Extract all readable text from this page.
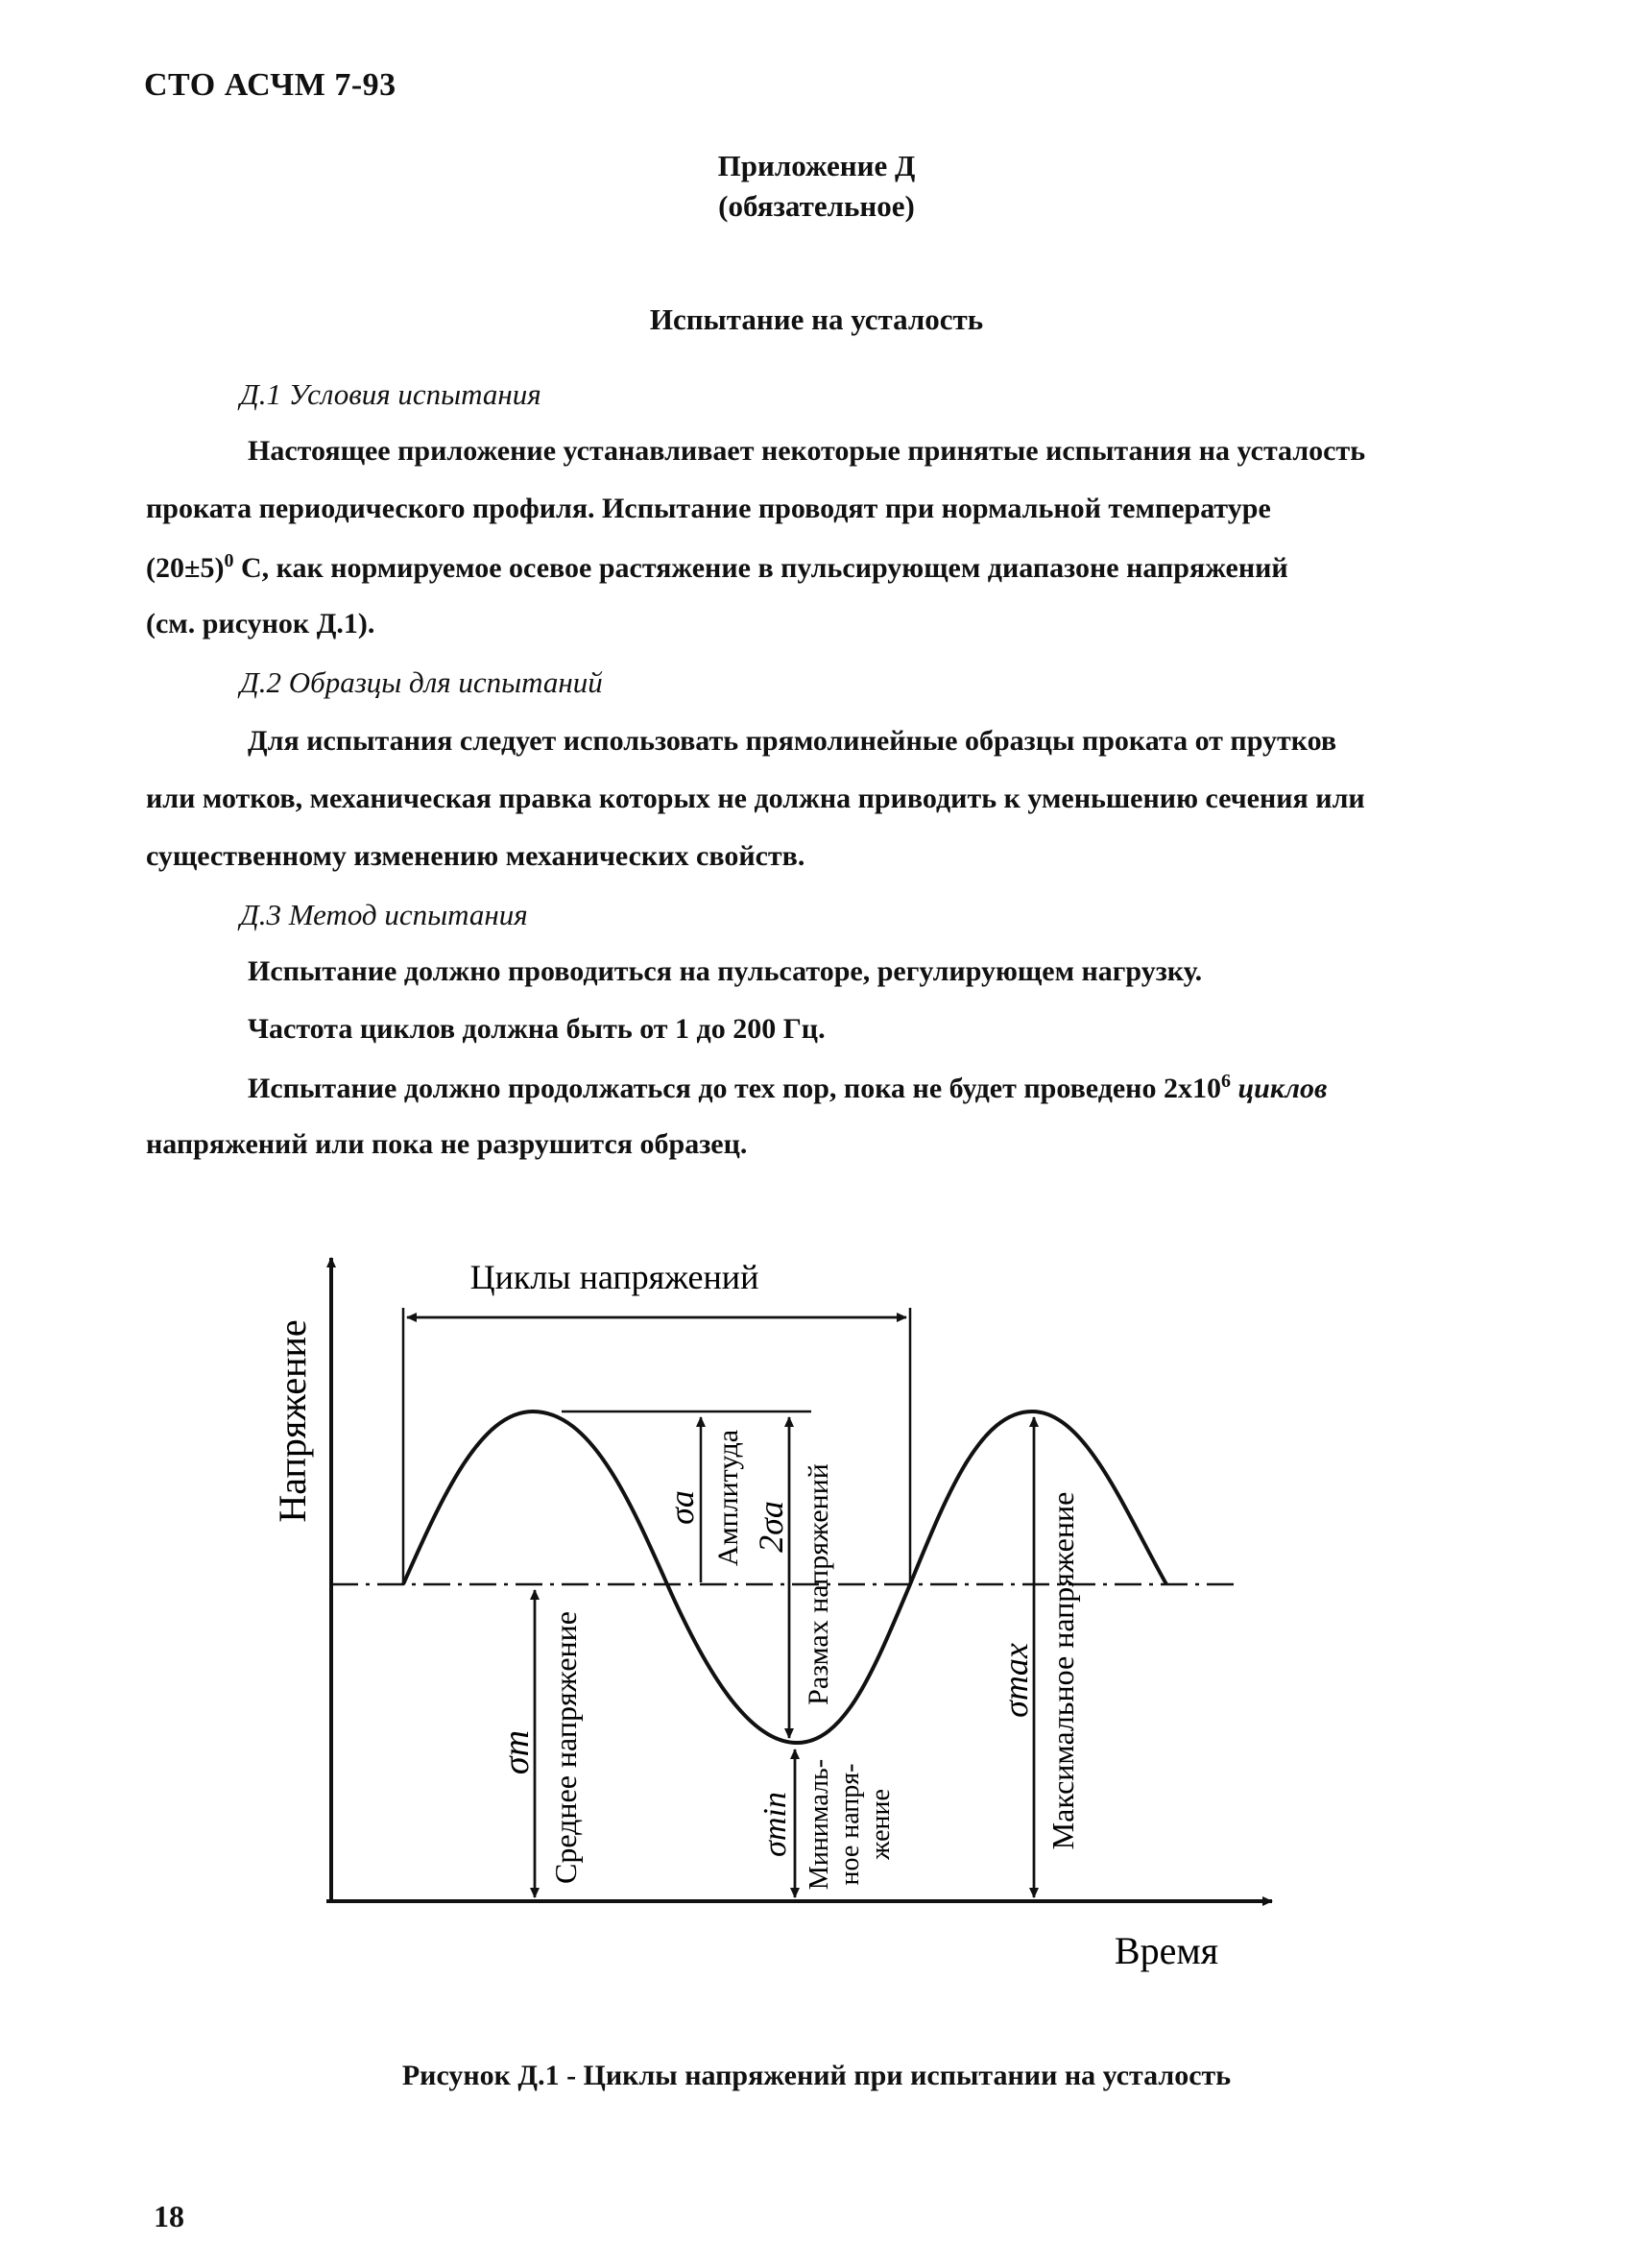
СТО АСЧМ 7-93
Приложение Д
(обязательное)
Испытание на усталость
Д.1 Условия испытания
Настоящее приложение устанавливает некоторые принятые испытания на усталость
проката периодического профиля. Испытание проводят при нормальной температуре
$(20\pm 5)^0$ С, как нормируемое осевое растяжение в пульсирующем диапазоне напряжений
(см. рисунок Д.1).
Д.2 Образцы для испытаний
Для испытания следует использовать прямолинейные образцы проката от прутков
или мотков, механическая правка которых не должна приводить к уменьшению сечения или
существенному изменению механических свойств.
Д.3 Метод испытания
Испытание должно проводиться на пульсаторе, регулирующем нагрузку.
Частота циклов должна быть от 1 до 200 Гц.
Испытание должно продолжаться до тех пор, пока не будет проведено $2x10^6$ циклов
напряжений или пока не разрушится образец.
Циклы напряжений
σa Амплитуда 2σa Размах напряжений
σm Среднее напряжение	σmin Минималь- ное напря- жение
σmax Максимальное напряжение
Напряжение
Время
Рисунок Д.1 - Циклы напряжений при испытании на усталость
18
